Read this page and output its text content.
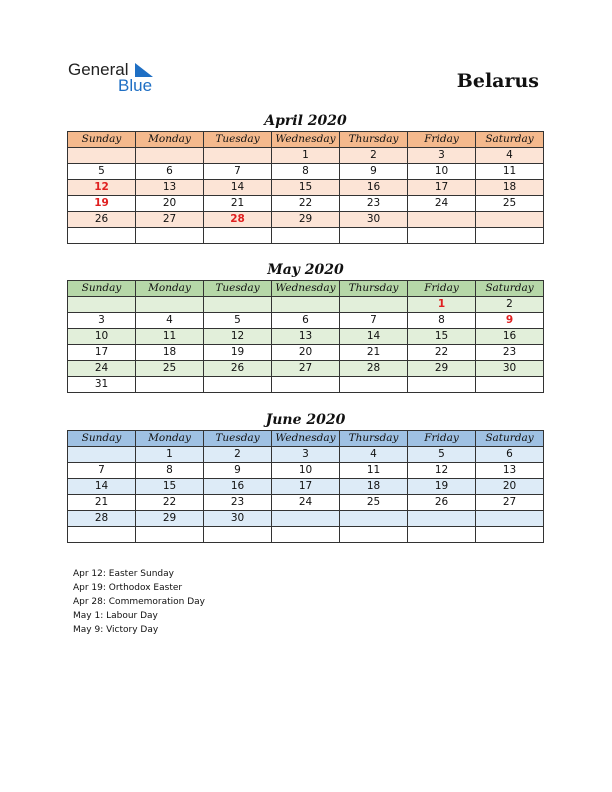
General
Blue	Belarus
April 2020
Sunday	Monday	Tuesday	Wednesday	Thursday	Friday	Saturday
			1	2	3	4
5	6	7	8	9	10	11
12	13	14	15	16	17	18
19	20	21	22	23	24	25
26	27	28	29	30		

May 2020
Sunday	Monday	Tuesday	Wednesday	Thursday	Friday	Saturday
					1	2
3	4	5	6	7	8	9
10	11	12	13	14	15	16
17	18	19	20	21	22	23
24	25	26	27	28	29	30
31						
June 2020
Sunday	Monday	Tuesday	Wednesday	Thursday	Friday	Saturday
	1	2	3	4	5	6
7	8	9	10	11	12	13
14	15	16	17	18	19	20
21	22	23	24	25	26	27
28	29	30				

Apr 12: Easter Sunday
Apr 19: Orthodox Easter
Apr 28: Commemoration Day
May 1: Labour Day
May 9: Victory Day
